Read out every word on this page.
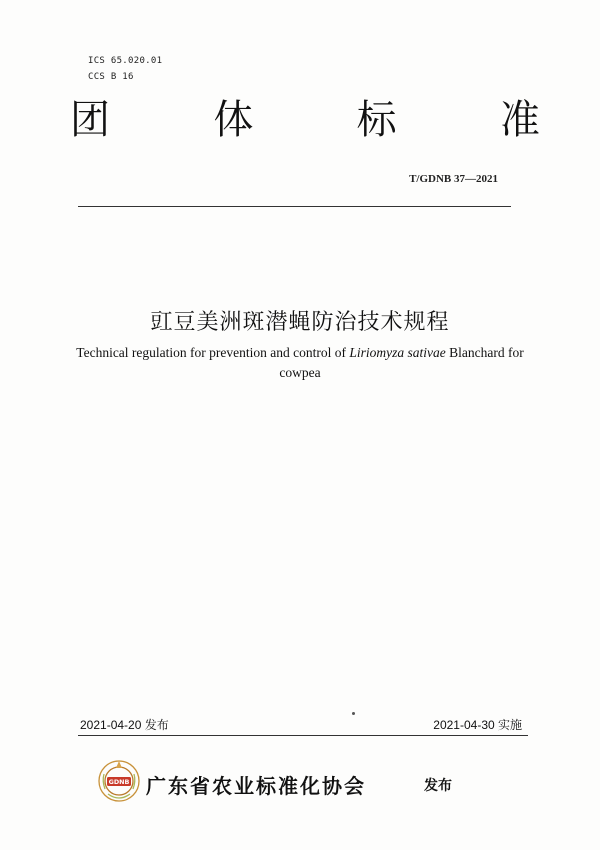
ICS 65.020.01
CCS B 16
团	体	标	准
T/GDNB 37—2021
豇豆美洲斑潜蝇防治技术规程
Technical regulation for prevention and control of Liriomyza sativae Blanchard for cowpea
2021-04-20 发布	2021-04-30 实施
GDNB 广东省农业标准化协会	发布
